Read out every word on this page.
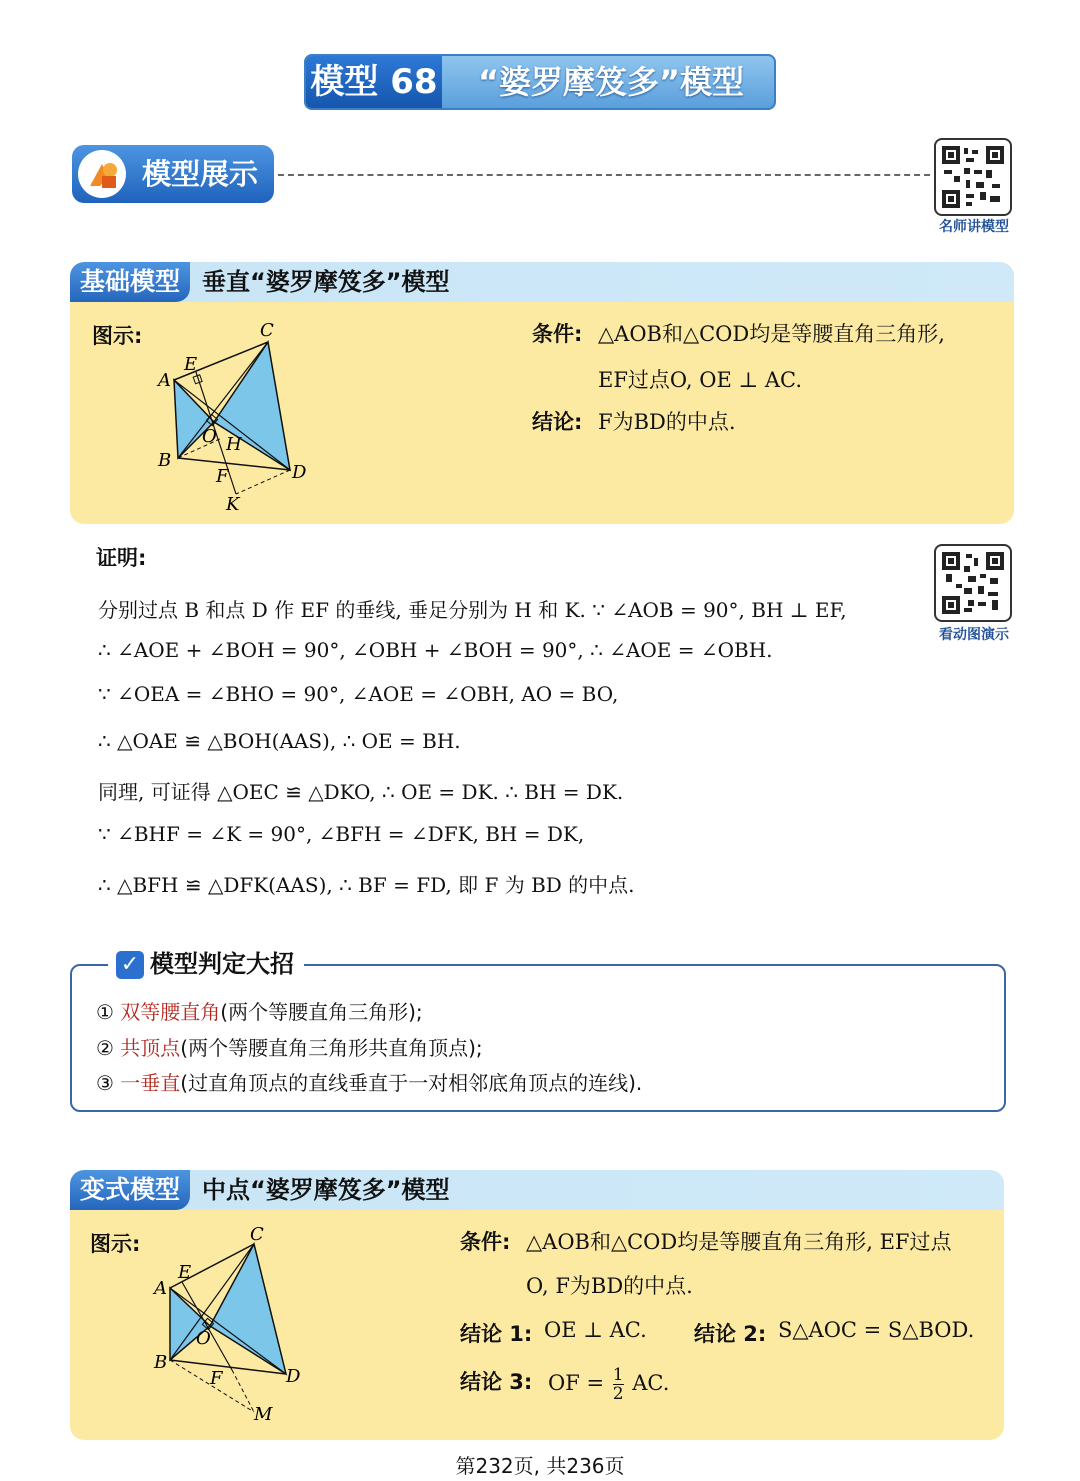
模型 68	“婆罗摩笈多”模型
模型展示
名师讲模型
基础模型 垂直“婆罗摩笈多”模型
图示:	条件: △AOB和△COD均是等腰直角三角形,
EF过点O, OE ⊥ AC.
结论: F为BD的中点.
A
B
C
D
E
F
H
K
O
证明:
看动图演示
分别过点 B 和点 D 作 EF 的垂线, 垂足分别为 H 和 K. ∵ ∠AOB = 90°, BH ⊥ EF,
∴ ∠AOE + ∠BOH = 90°, ∠OBH + ∠BOH = 90°, ∴ ∠AOE = ∠OBH.
∵ ∠OEA = ∠BHO = 90°, ∠AOE = ∠OBH, AO = BO,
∴ △OAE ≌ △BOH(AAS), ∴ OE = BH.
同理, 可证得 △OEC ≌ △DKO, ∴ OE = DK. ∴ BH = DK.
∵ ∠BHF = ∠K = 90°, ∠BFH = ∠DFK, BH = DK,
∴ △BFH ≌ △DFK(AAS), ∴ BF = FD, 即 F 为 BD 的中点.
✓ 模型判定大招
① 双等腰直角(两个等腰直角三角形);
② 共顶点(两个等腰直角三角形共直角顶点);
③ 一垂直(过直角顶点的直线垂直于一对相邻底角顶点的连线).
变式模型 中点“婆罗摩笈多”模型
图示:	条件: △AOB和△COD均是等腰直角三角形, EF过点
O, F为BD的中点.
结论 1: OE ⊥ AC. 结论 2: S△AOC = S△BOD.
结论 3: OF = $\frac{1}{2}$ AC.
A
B
C
D
E
F
M
O
第232页, 共236页
